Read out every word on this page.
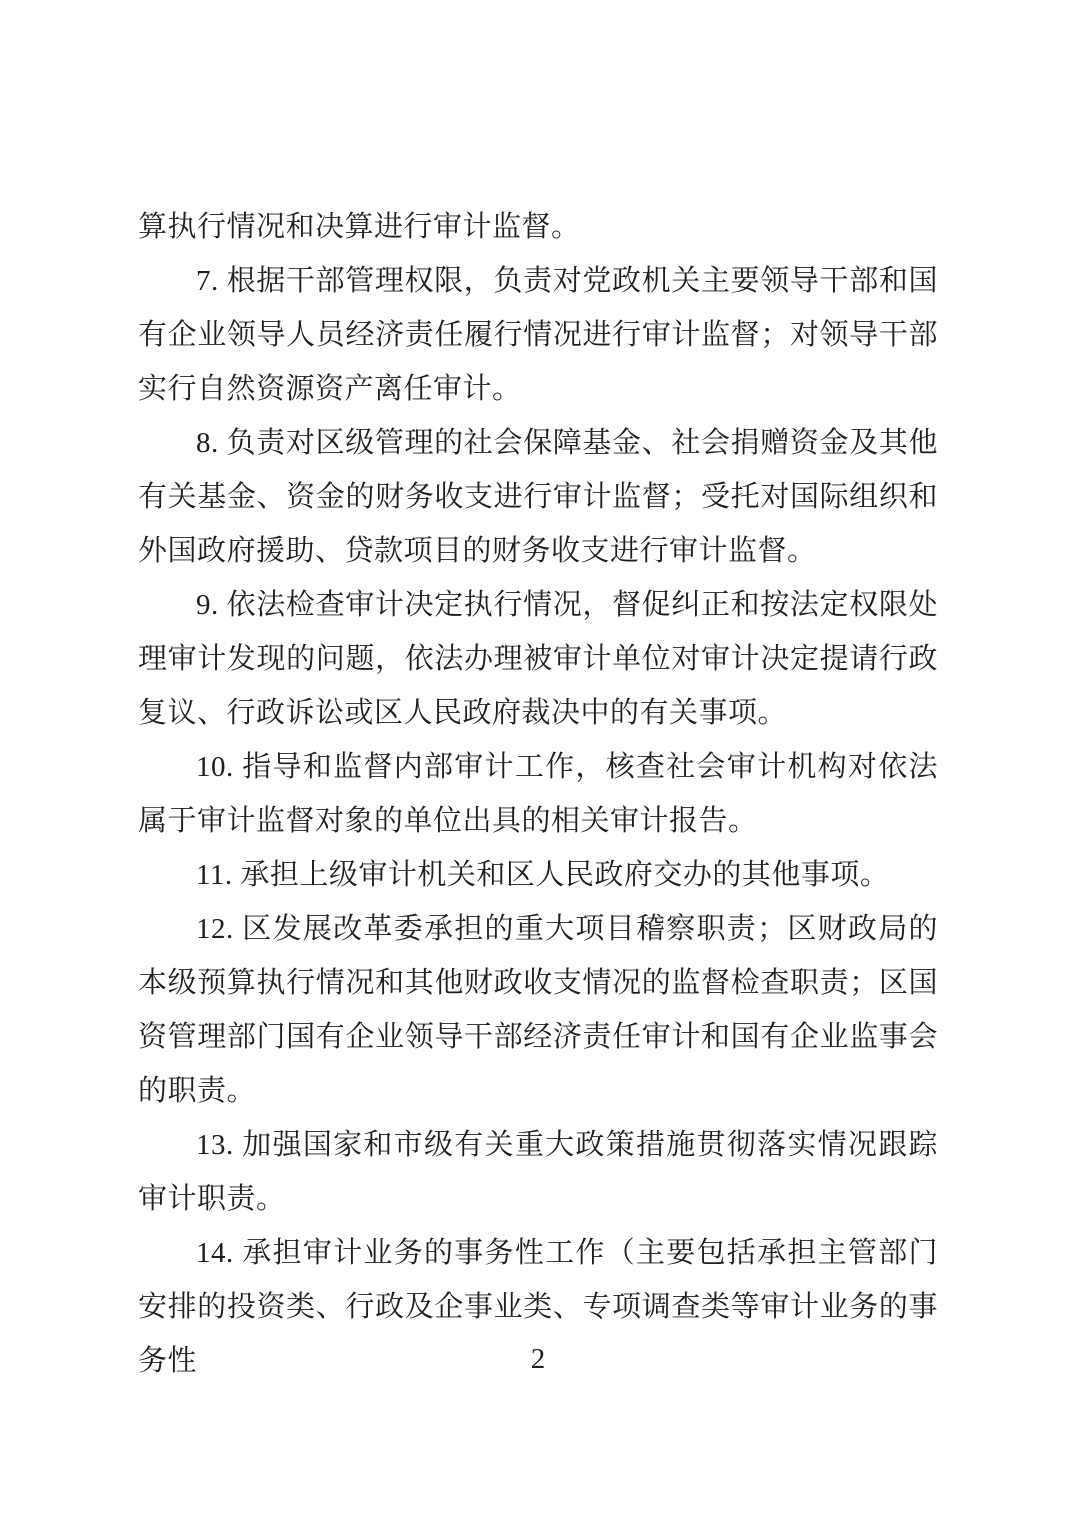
算执行情况和决算进行审计监督。

7. 根据干部管理权限，负责对党政机关主要领导干部和国有企业领导人员经济责任履行情况进行审计监督；对领导干部实行自然资源资产离任审计。

8. 负责对区级管理的社会保障基金、社会捐赠资金及其他有关基金、资金的财务收支进行审计监督；受托对国际组织和外国政府援助、贷款项目的财务收支进行审计监督。

9. 依法检查审计决定执行情况，督促纠正和按法定权限处理审计发现的问题，依法办理被审计单位对审计决定提请行政复议、行政诉讼或区人民政府裁决中的有关事项。

10. 指导和监督内部审计工作，核查社会审计机构对依法属于审计监督对象的单位出具的相关审计报告。

11. 承担上级审计机关和区人民政府交办的其他事项。

12. 区发展改革委承担的重大项目稽察职责；区财政局的本级预算执行情况和其他财政收支情况的监督检查职责；区国资管理部门国有企业领导干部经济责任审计和国有企业监事会的职责。

13. 加强国家和市级有关重大政策措施贯彻落实情况跟踪审计职责。

14. 承担审计业务的事务性工作（主要包括承担主管部门安排的投资类、行政及企事业类、专项调查类等审计业务的事务性	2
